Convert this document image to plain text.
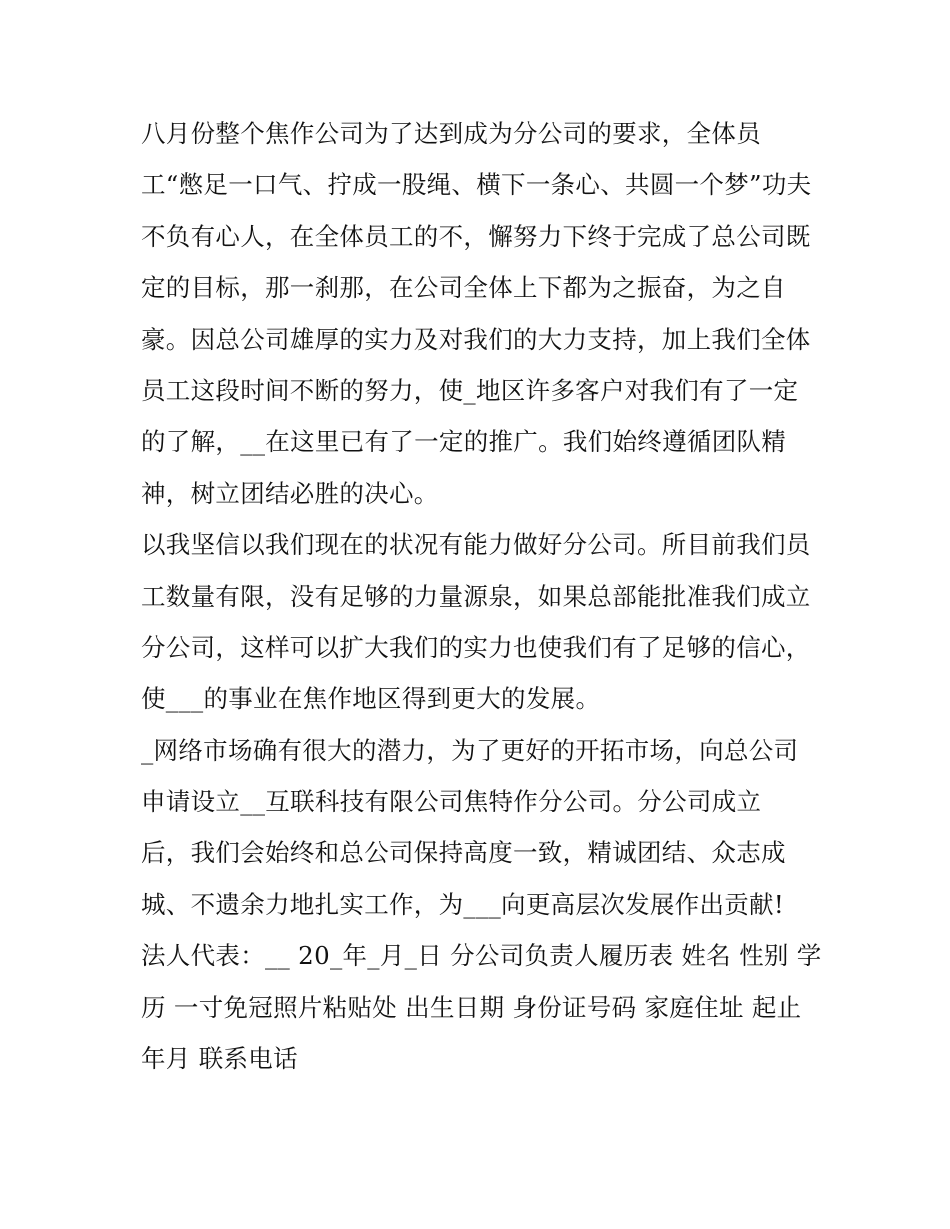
八月份整个焦作公司为了达到成为分公司的要求，全体员
工“憋足一口气、拧成一股绳、横下一条心、共圆一个梦”功夫
不负有心人，在全体员工的不，懈努力下终于完成了总公司既
定的目标，那一刹那，在公司全体上下都为之振奋，为之自
豪。因总公司雄厚的实力及对我们的大力支持，加上我们全体
员工这段时间不断的努力，使_地区许多客户对我们有了一定
的了解，__在这里已有了一定的推广。我们始终遵循团队精
神，树立团结必胜的决心。
以我坚信以我们现在的状况有能力做好分公司。所目前我们员
工数量有限，没有足够的力量源泉，如果总部能批准我们成立
分公司，这样可以扩大我们的实力也使我们有了足够的信心，
使___的事业在焦作地区得到更大的发展。
_网络市场确有很大的潜力，为了更好的开拓市场，向总公司
申请设立__互联科技有限公司焦特作分公司。分公司成立
后，我们会始终和总公司保持高度一致，精诚团结、众志成
城、不遗余力地扎实工作，为___向更高层次发展作出贡献!
法人代表：__ 20_年_月_日 分公司负责人履历表 姓名 性别 学
历 一寸免冠照片粘贴处 出生日期 身份证号码 家庭住址 起止
年月 联系电话
